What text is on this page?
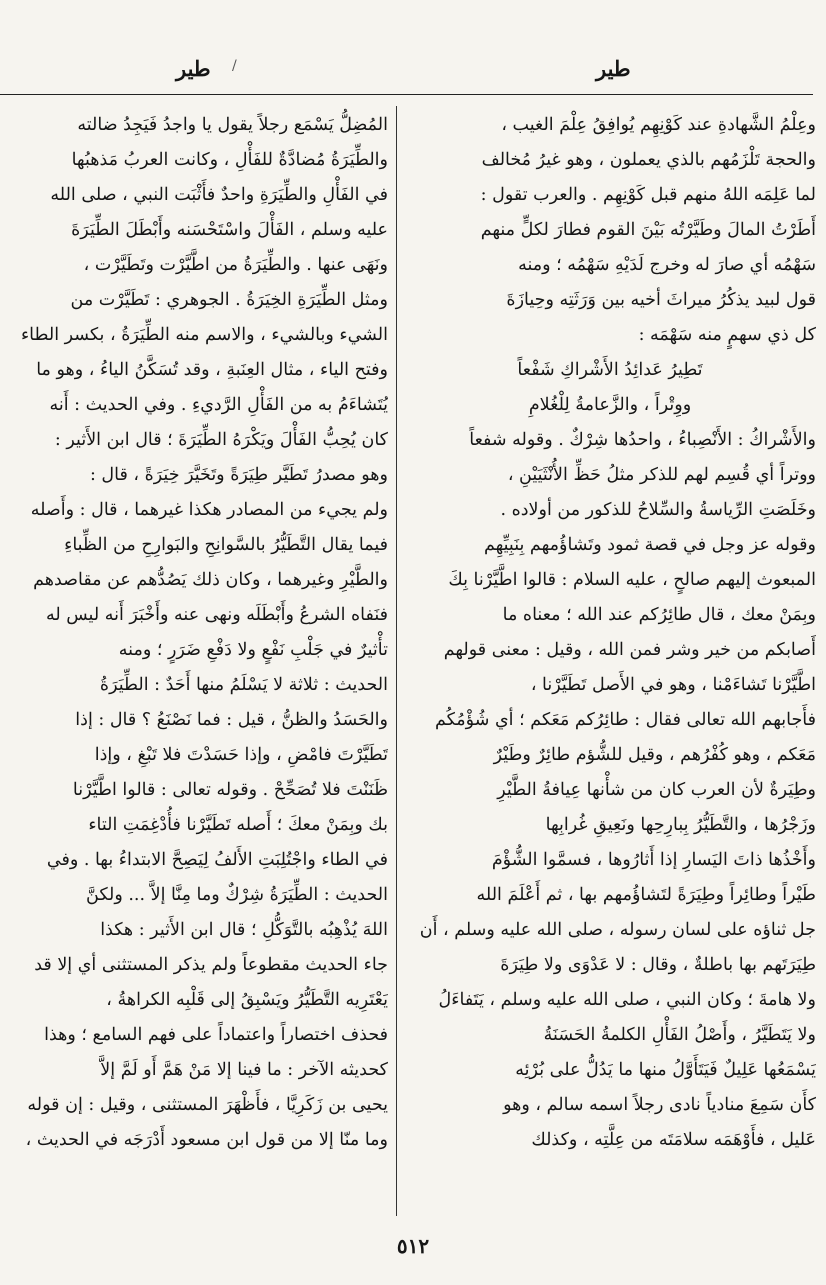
طير
طير /
وعِلْمُ الشَّهادةِ عند كَوْنِهِم يُوافِقُ عِلْمَ الغيب ،
والحجة تَلْزَمُهم بالذي يعملون ، وهو غيرُ مُخالف
لما عَلِمَه اللهُ منهم قبل كَوْنِهِم . والعرب تقول :
أَطَرْتُ المالَ وطَيَّرْتُه بَيْنَ القوم فطارَ لكلٍّ منهم
سَهْمُه أي صارَ له وخرج لَدَيْهِ سَهْمُه ؛ ومنه
قول لبيد يذكُرُ ميراثَ أخيه بين وَرَثَتِه وحِيازَةَ
كل ذي سهمٍ منه سَهْمَه :
تَطِيرُ عَدائِدُ الأَشْراكِ شَفْعاً
ووِتْراً ، والزَّعامةُ لِلْغُلامِ
والأَشْراكُ : الأَنْصِباءُ ، واحدُها شِرْكٌ . وقوله شفعاً
ووتراً أي قُسِم لهم للذكر مثلُ حَظِّ الأُنْثَيَيْنِ ،
وخَلَصَتِ الرِّياسةُ والسِّلاحُ للذكور من أولاده .
وقوله عز وجل في قصة ثمود وتَشاؤُمهم بِنَبِيِّهِم
المبعوث إليهم صالحٍ ، عليه السلام : قالوا اطَّيَّرْنا بِكَ
وبِمَنْ معك ، قال طائِرُكم عند الله ؛ معناه ما
أَصابكم من خير وشر فمن الله ، وقيل : معنى قولهم
اطَّيَّرْنا تَشاءَمْنا ، وهو في الأَصل تَطَيَّرْنا ،
فأَجابهم الله تعالى فقال : طائِرُكم مَعَكم ؛ أي شُؤْمُكُم
مَعَكم ، وهو كُفْرُهم ، وقيل للشُّؤم طائِرٌ وطَيْرٌ
وطِيَرةٌ لأن العرب كان من شأْنها عِيافةُ الطَّيْرِ
وزَجْرُها ، والتَّطَيُّرُ بِبارِحِها ونَعِيقِ غُرابِها
وأَخْذُها ذاتَ اليَسارِ إذا أَثارُوها ، فسمَّوا الشُّؤْمَ
طَيْراً وطائِراً وطِيَرَةً لتَشاؤُمهم بها ، ثم أَعْلَمَ الله
جل ثناؤه على لسان رسوله ، صلى الله عليه وسلم ، أَن
طِيَرَتَهم بها باطلةٌ ، وقال : لا عَدْوَى ولا طِيَرَةَ
ولا هامةَ ؛ وكان النبي ، صلى الله عليه وسلم ، يَتَفاءَلُ
ولا يَتَطَيَّرُ ، وأَصْلُ الفَأْلِ الكلمةُ الحَسَنَةُ
يَسْمَعُها عَلِيلٌ فَيَتَأَوَّلُ منها ما يَدُلُّ على بُرْئِه
كأَن سَمِعَ منادياً نادى رجلاً اسمه سالم ، وهو
عَليل ، فأَوْهَمَه سلامَتَه من عِلَّتِه ، وكذلك
المُضِلُّ يَسْمَع رجلاً يقول يا واجدُ فَيَجِدُ ضالته
والطِّيَرَةُ مُضادَّةٌ للفَأْلِ ، وكانت العربُ مَذهبُها
في الفَأْلِ والطِّيَرَةِ واحدٌ فأَثْبَت النبي ، صلى الله
عليه وسلم ، الفَأْلَ واسْتَحْسَنه وأَبْطَلَ الطِّيَرَةَ
ونَهَى عنها . والطِّيَرَةُ من اطَّيَّرْت وتَطَيَّرْت ،
ومثل الطِّيَرَةِ الخِيَرَةُ . الجوهري : تَطَيَّرْت من
الشيء وبالشيء ، والاسم منه الطِّيَرَةُ ، بكسر الطاء
وفتح الياء ، مثال العِنَبةِ ، وقد تُسَكَّنُ الياءُ ، وهو ما
يُتَشاءَمُ به من الفَأْلِ الرَّديءِ . وفي الحديث : أَنه
كان يُحِبُّ الفَأْلَ ويَكْرَهُ الطِّيَرَةَ ؛ قال ابن الأَثير :
وهو مصدرُ تَطَيَّر طِيَرَةً وتَخَيَّرَ خِيَرَةً ، قال :
ولم يجيء من المصادر هكذا غيرهما ، قال : وأَصله
فيما يقال التَّطَيُّرُ بالسَّوانِحِ والبَوارِحِ من الظِّباءِ
والطَّيْرِ وغيرهما ، وكان ذلك يَصُدُّهم عن مقاصدهم
فنَفاه الشرعُ وأَبْطَلَه ونهى عنه وأَخْبَرَ أَنه ليس له
تأْثيرٌ في جَلْبِ نَفْعٍ ولا دَفْعِ ضَرَرٍ ؛ ومنه
الحديث : ثلاثة لا يَسْلَمُ منها أَحَدٌ : الطِّيَرَةُ
والحَسَدُ والظنُّ ، قيل : فما نَصْنَعُ ؟ قال : إذا
تَطَيَّرْتَ فامْضِ ، وإذا حَسَدْتَ فلا تَبْغِ ، وإذا
ظَنَنْتَ فلا تُصَحِّحْ . وقوله تعالى : قالوا اطَّيَّرْنا
بك وبِمَنْ معكَ ؛ أَصله تَطَيَّرْنا فأُدْغِمَتِ التاء
في الطاء واجْتُلِبَتِ الأَلفُ لِيَصِحَّ الابتداءُ بها . وفي
الحديث : الطِّيَرَةُ شِرْكٌ وما مِنَّا إلاَّ ... ولكنَّ
اللهَ يُذْهِبُه بالتَّوَكُّلِ ؛ قال ابن الأَثير : هكذا
جاء الحديث مقطوعاً ولم يذكر المستثنى أي إلا قد
يَعْتَرِيه التَّطَيُّرُ ويَسْبِقُ إلى قَلْبِه الكراهةُ ،
فحذف اختصاراً واعتماداً على فهم السامع ؛ وهذا
كحديثه الآخر : ما فينا إلا مَنْ هَمَّ أَو لَمَّ إلاَّ
يحيى بن زَكَرِيَّا ، فأَظْهَرَ المستثنى ، وقيل : إن قوله
وما منّا إلا من قول ابن مسعود أَدْرَجَه في الحديث ،
٥١٢
